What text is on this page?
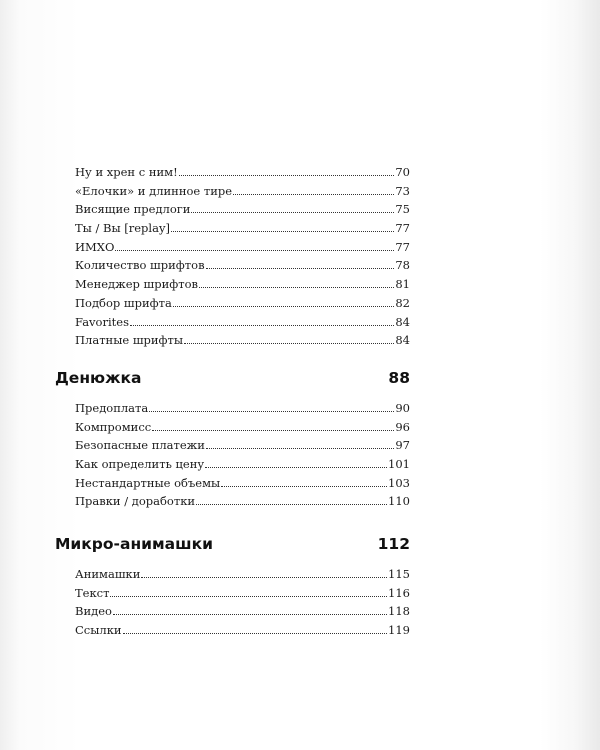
Ну и хрен с ним!	70
«Елочки» и длинное тире	73
Висящие предлоги	75
Ты / Вы [replay]	77
ИМХО	77
Количество шрифтов	78
Менеджер шрифтов	81
Подбор шрифта	82
Favorites	84
Платные шрифты	84
Денюжка	88
Предоплата	90
Компромисс	96
Безопасные платежи	97
Как определить цену	101
Нестандартные объемы	103
Правки / доработки	110
Микро-анимашки	112
Анимашки	115
Текст	116
Видео	118
Ссылки	119
